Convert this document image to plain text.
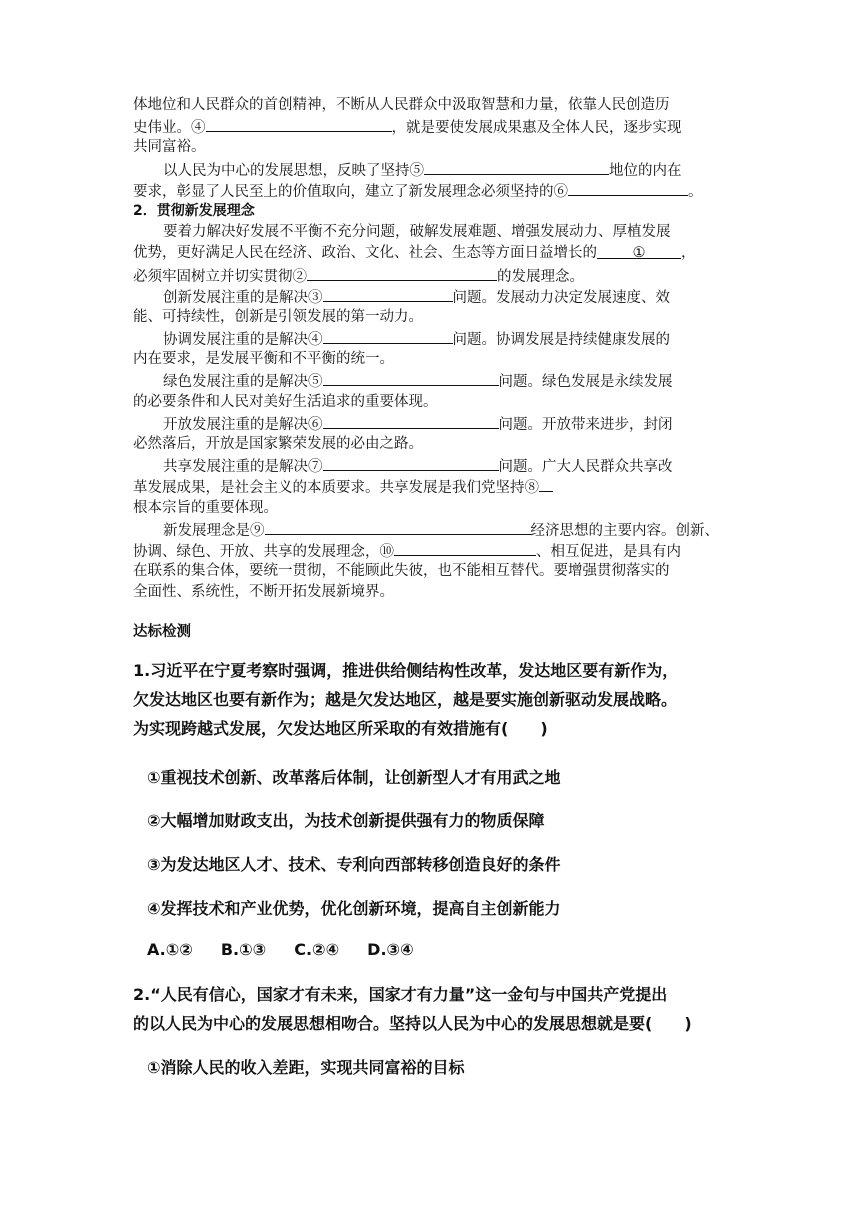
体地位和人民群众的首创精神，不断从人民群众中汲取智慧和力量，依靠人民创造历
史伟业。④	，就是要使发展成果惠及全体人民，逐步实现
共同富裕。
以人民为中心的发展思想，反映了坚持⑤	地位的内在
要求，彰显了人民至上的价值取向，建立了新发展理念必须坚持的⑥	。
2．贯彻新发展理念
要着力解决好发展不平衡不充分问题，破解发展难题、增强发展动力、厚植发展
优势，更好满足人民在经济、政治、文化、社会、生态等方面日益增长的 ① ，
必须牢固树立并切实贯彻②	的发展理念。
创新发展注重的是解决③	问题。发展动力决定发展速度、效
能、可持续性，创新是引领发展的第一动力。
协调发展注重的是解决④	问题。协调发展是持续健康发展的
内在要求，是发展平衡和不平衡的统一。
绿色发展注重的是解决⑤	问题。绿色发展是永续发展
的必要条件和人民对美好生活追求的重要体现。
开放发展注重的是解决⑥	问题。开放带来进步，封闭
必然落后，开放是国家繁荣发展的必由之路。
共享发展注重的是解决⑦	问题。广大人民群众共享改
革发展成果，是社会主义的本质要求。共享发展是我们党坚持⑧
根本宗旨的重要体现。
新发展理念是⑨	经济思想的主要内容。创新、
协调、绿色、开放、共享的发展理念，⑩	、相互促进，是具有内
在联系的集合体，要统一贯彻，不能顾此失彼，也不能相互替代。要增强贯彻落实的
全面性、系统性，不断开拓发展新境界。
达标检测
1.习近平在宁夏考察时强调，推进供给侧结构性改革，发达地区要有新作为，
欠发达地区也要有新作为；越是欠发达地区，越是要实施创新驱动发展战略。
为实现跨越式发展，欠发达地区所采取的有效措施有(　　)
①重视技术创新、改革落后体制，让创新型人才有用武之地
②大幅增加财政支出，为技术创新提供强有力的物质保障
③为发达地区人才、技术、专利向西部转移创造良好的条件
④发挥技术和产业优势，优化创新环境，提高自主创新能力
A.①② B.①③ C.②④ D.③④
2.“人民有信心，国家才有未来，国家才有力量”这一金句与中国共产党提出
的以人民为中心的发展思想相吻合。坚持以人民为中心的发展思想就是要(　　)
①消除人民的收入差距，实现共同富裕的目标
